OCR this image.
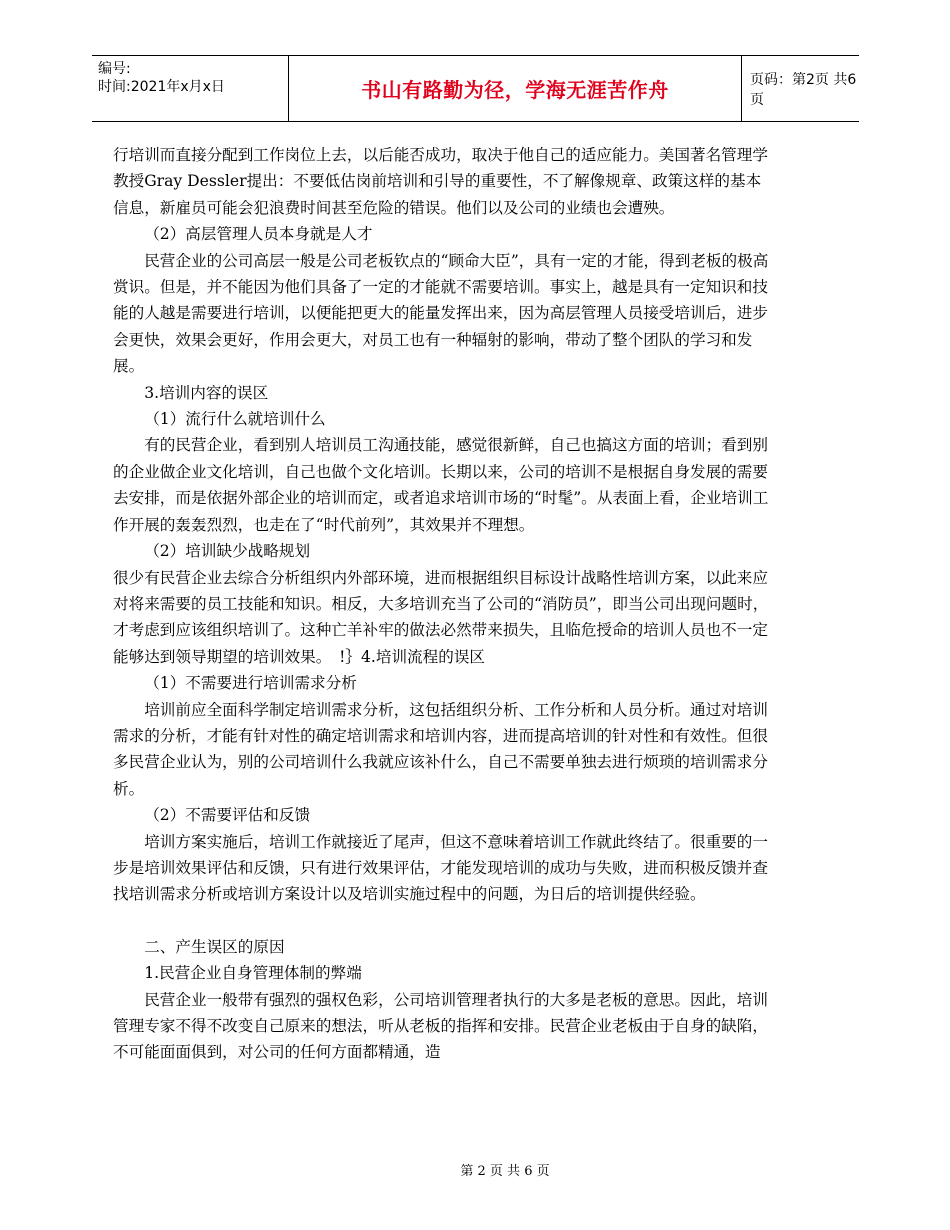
编号:
时间:2021年x月x日	书山有路勤为径，学海无涯苦作舟	页码：第2页 共6页

行培训而直接分配到工作岗位上去，以后能否成功，取决于他自己的适应能力。美国著名管理学教授Gray Dessler提出：不要低估岗前培训和引导的重要性，不了解像规章、政策这样的基本信息，新雇员可能会犯浪费时间甚至危险的错误。他们以及公司的业绩也会遭殃。

（2）高层管理人员本身就是人才

民营企业的公司高层一般是公司老板钦点的“顾命大臣”，具有一定的才能，得到老板的极高赏识。但是，并不能因为他们具备了一定的才能就不需要培训。事实上，越是具有一定知识和技能的人越是需要进行培训，以便能把更大的能量发挥出来，因为高层管理人员接受培训后，进步会更快，效果会更好，作用会更大，对员工也有一种辐射的影响，带动了整个团队的学习和发展。

3.培训内容的误区

（1）流行什么就培训什么

有的民营企业，看到别人培训员工沟通技能，感觉很新鲜，自己也搞这方面的培训；看到别的企业做企业文化培训，自己也做个文化培训。长期以来，公司的培训不是根据自身发展的需要去安排，而是依据外部企业的培训而定，或者追求培训市场的“时髦”。从表面上看，企业培训工作开展的轰轰烈烈，也走在了“时代前列”，其效果并不理想。

（2）培训缺少战略规划

很少有民营企业去综合分析组织内外部环境，进而根据组织目标设计战略性培训方案，以此来应对将来需要的员工技能和知识。相反，大多培训充当了公司的“消防员”，即当公司出现问题时，才考虑到应该组织培训了。这种亡羊补牢的做法必然带来损失，且临危授命的培训人员也不一定能够达到领导期望的培训效果。　!｝4.培训流程的误区

（1）不需要进行培训需求分析

培训前应全面科学制定培训需求分析，这包括组织分析、工作分析和人员分析。通过对培训需求的分析，才能有针对性的确定培训需求和培训内容，进而提高培训的针对性和有效性。但很多民营企业认为，别的公司培训什么我就应该补什么，自己不需要单独去进行烦琐的培训需求分析。

（2）不需要评估和反馈

培训方案实施后，培训工作就接近了尾声，但这不意味着培训工作就此终结了。很重要的一步是培训效果评估和反馈，只有进行效果评估，才能发现培训的成功与失败，进而积极反馈并查找培训需求分析或培训方案设计以及培训实施过程中的问题，为日后的培训提供经验。

二、产生误区的原因

1.民营企业自身管理体制的弊端

民营企业一般带有强烈的强权色彩，公司培训管理者执行的大多是老板的意思。因此，培训管理专家不得不改变自己原来的想法，听从老板的指挥和安排。民营企业老板由于自身的缺陷，不可能面面俱到，对公司的任何方面都精通，造

第 2 页 共 6 页
